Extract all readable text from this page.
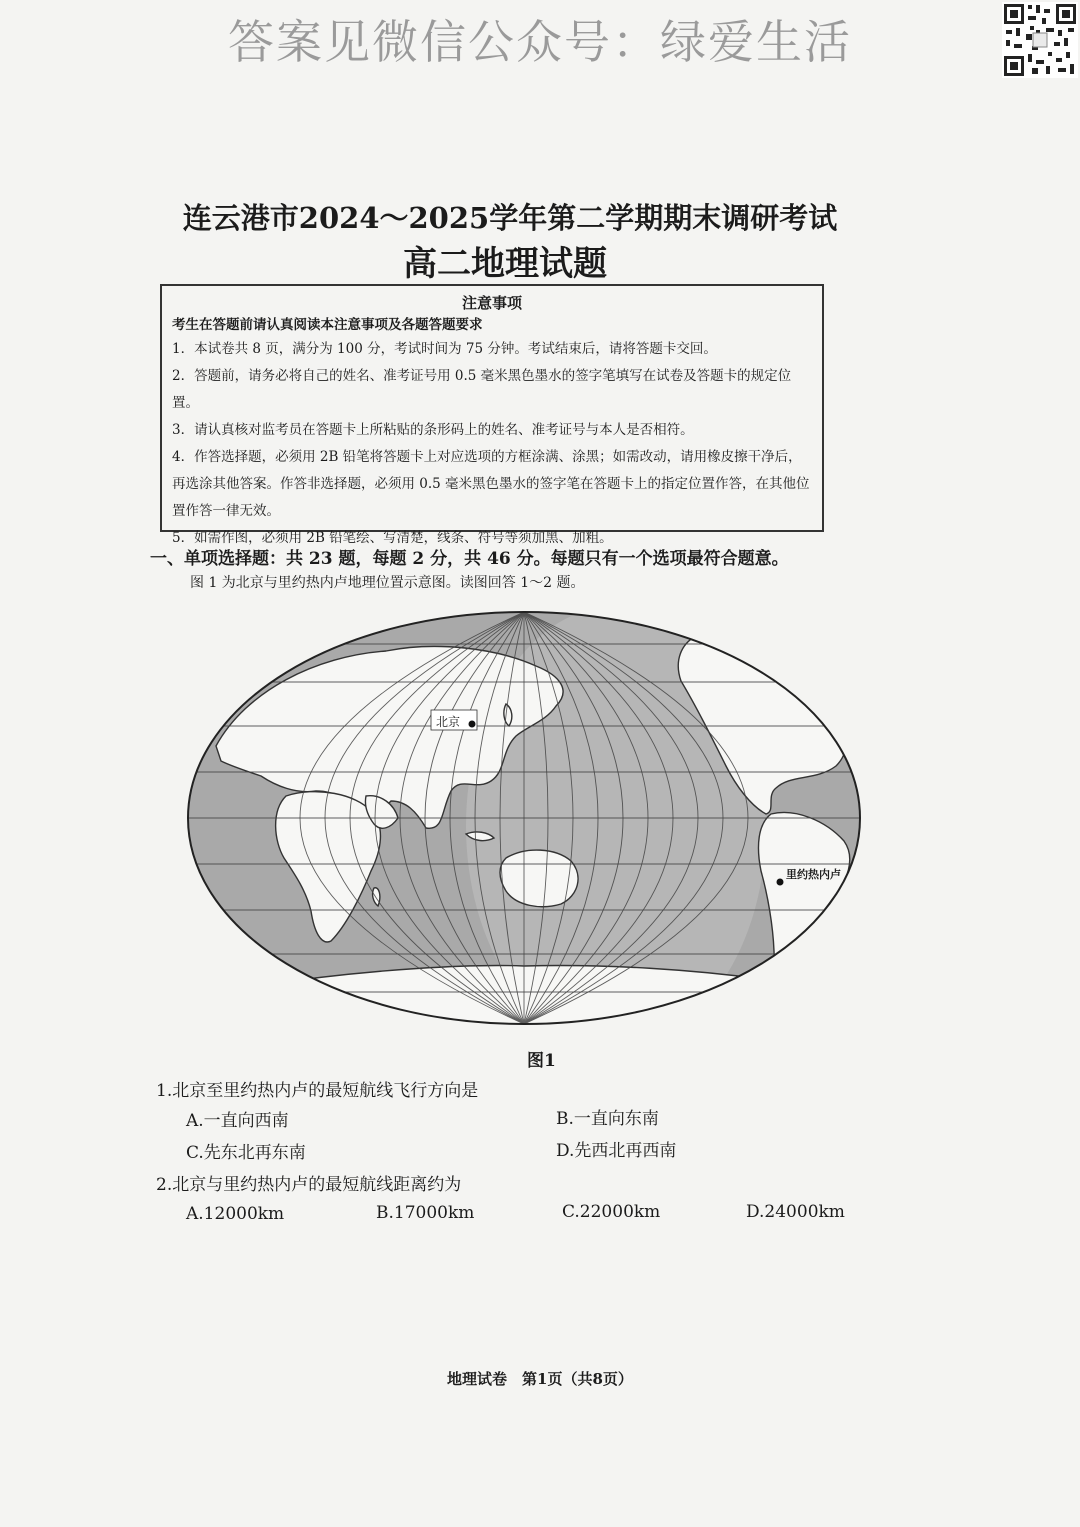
答案见微信公众号：绿爱生活
连云港市2024～2025学年第二学期期末调研考试
高二地理试题
注意事项
考生在答题前请认真阅读本注意事项及各题答题要求

1．本试卷共 8 页，满分为 100 分，考试时间为 75 分钟。考试结束后，请将答题卡交回。

2．答题前，请务必将自己的姓名、准考证号用 0.5 毫米黑色墨水的签字笔填写在试卷及答题卡的规定位置。

3．请认真核对监考员在答题卡上所粘贴的条形码上的姓名、准考证号与本人是否相符。

4．作答选择题，必须用 2B 铅笔将答题卡上对应选项的方框涂满、涂黑；如需改动，请用橡皮擦干净后，再选涂其他答案。作答非选择题，必须用 0.5 毫米黑色墨水的签字笔在答题卡上的指定位置作答，在其他位置作答一律无效。

5．如需作图，必须用 2B 铅笔绘、写清楚，线条、符号等须加黑、加粗。

一、单项选择题：共 23 题，每题 2 分，共 46 分。每题只有一个选项最符合题意。
图 1 为北京与里约热内卢地理位置示意图。读图回答 1～2 题。
北京
里约热内卢
图1
1.北京至里约热内卢的最短航线飞行方向是
A.一直向西南	B.一直向东南
C.先东北再东南	D.先西北再西南
2.北京与里约热内卢的最短航线距离约为
A.12000km	B.17000km	C.22000km	D.24000km
地理试卷　第1页（共8页）
